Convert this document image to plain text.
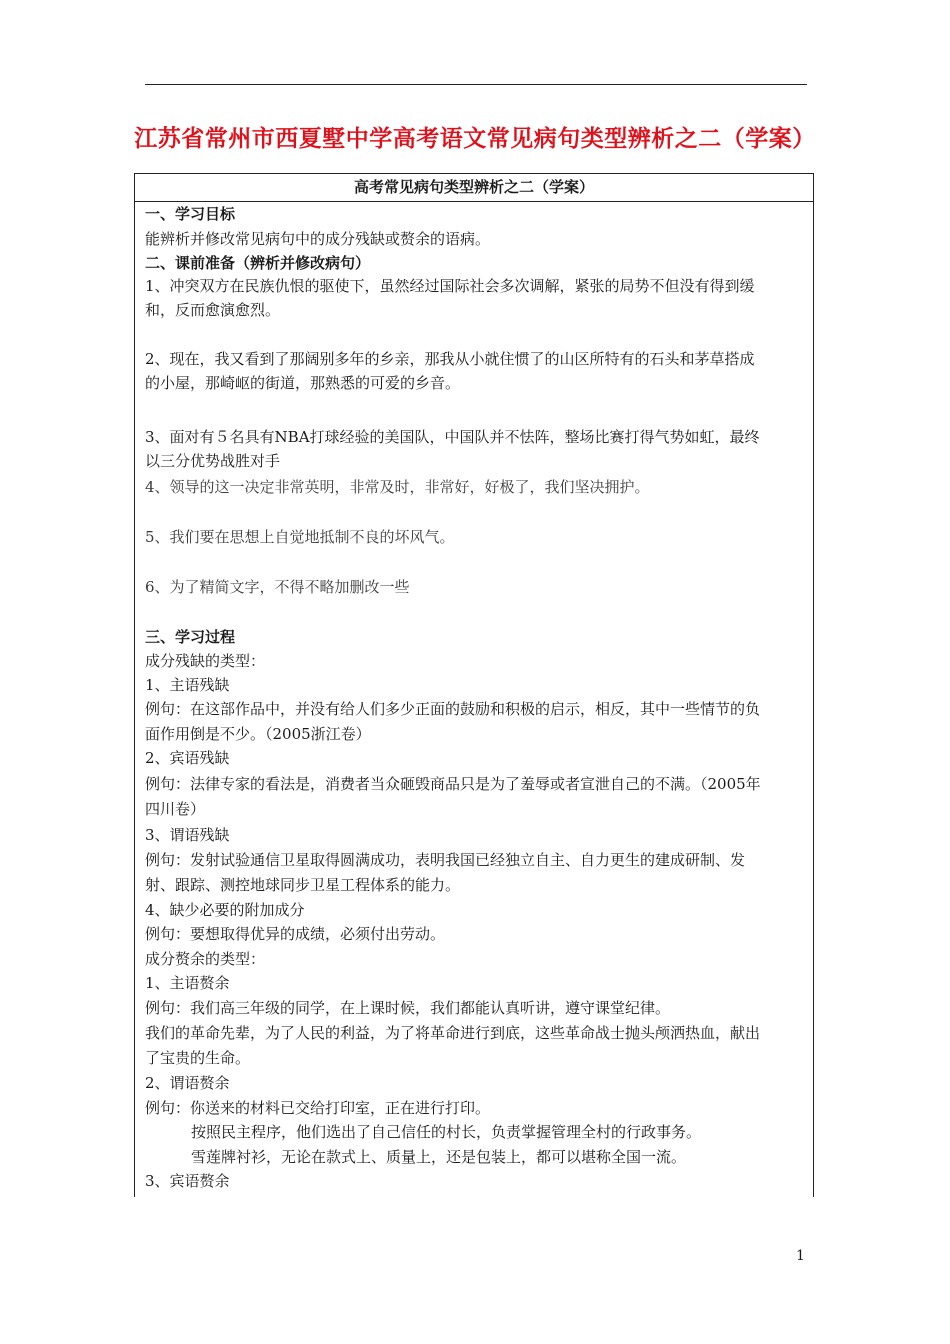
江苏省常州市西夏墅中学高考语文常见病句类型辨析之二（学案）
高考常见病句类型辨析之二（学案）
一、学习目标
能辨析并修改常见病句中的成分残缺或赘余的语病。
二、课前准备（辨析并修改病句）
1、冲突双方在民族仇恨的驱使下，虽然经过国际社会多次调解，紧张的局势不但没有得到缓
和，反而愈演愈烈。
2、现在，我又看到了那阔别多年的乡亲，那我从小就住惯了的山区所特有的石头和茅草搭成
的小屋，那崎岖的街道，那熟悉的可爱的乡音。
3、面对有５名具有NBA打球经验的美国队，中国队并不怯阵，整场比赛打得气势如虹，最终
以三分优势战胜对手
4、领导的这一决定非常英明，非常及时，非常好，好极了，我们坚决拥护。
5、我们要在思想上自觉地抵制不良的坏风气。
6、为了精简文字，不得不略加删改一些
三、学习过程
成分残缺的类型：
1、主语残缺
例句：在这部作品中，并没有给人们多少正面的鼓励和积极的启示，相反，其中一些情节的负
面作用倒是不少。（2005浙江卷）
2、宾语残缺
例句：法律专家的看法是，消费者当众砸毁商品只是为了羞辱或者宣泄自己的不满。（2005年
四川卷）
3、谓语残缺
例句：发射试验通信卫星取得圆满成功，表明我国已经独立自主、自力更生的建成研制、发
射、跟踪、测控地球同步卫星工程体系的能力。
4、缺少必要的附加成分
例句：要想取得优异的成绩，必须付出劳动。
成分赘余的类型：
1、主语赘余
例句：我们高三年级的同学，在上课时候，我们都能认真听讲，遵守课堂纪律。
我们的革命先辈，为了人民的利益，为了将革命进行到底，这些革命战士抛头颅洒热血，献出
了宝贵的生命。
2、谓语赘余
例句：你送来的材料已交给打印室，正在进行打印。
按照民主程序，他们选出了自己信任的村长，负责掌握管理全村的行政事务。
雪莲牌衬衫，无论在款式上、质量上，还是包装上，都可以堪称全国一流。
3、宾语赘余
1
